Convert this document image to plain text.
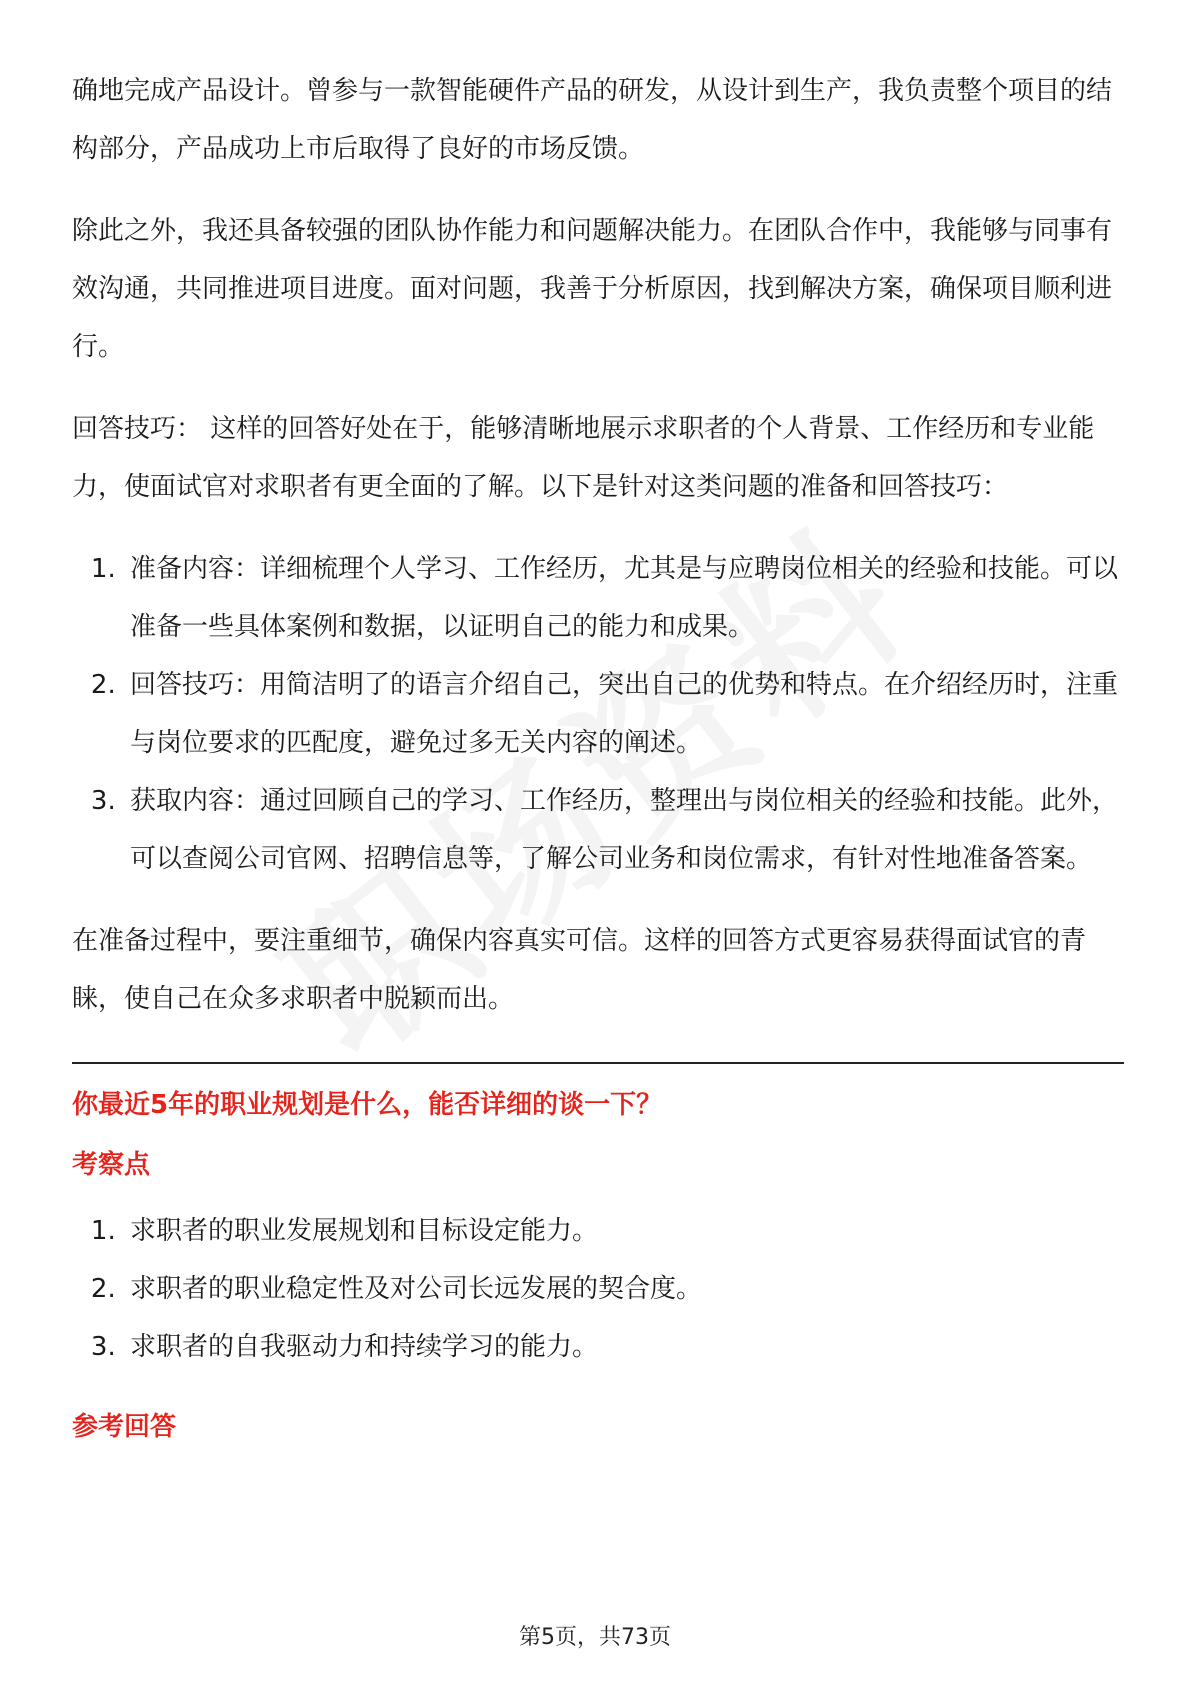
确地完成产品设计。曾参与一款智能硬件产品的研发，从设计到生产，我负责整个项目的结构部分，产品成功上市后取得了良好的市场反馈。

除此之外，我还具备较强的团队协作能力和问题解决能力。在团队合作中，我能够与同事有效沟通，共同推进项目进度。面对问题，我善于分析原因，找到解决方案，确保项目顺利进行。

回答技巧： 这样的回答好处在于，能够清晰地展示求职者的个人背景、工作经历和专业能力，使面试官对求职者有更全面的了解。以下是针对这类问题的准备和回答技巧：

1. 准备内容：详细梳理个人学习、工作经历，尤其是与应聘岗位相关的经验和技能。可以准备一些具体案例和数据，以证明自己的能力和成果。
2. 回答技巧：用简洁明了的语言介绍自己，突出自己的优势和特点。在介绍经历时，注重与岗位要求的匹配度，避免过多无关内容的阐述。
3. 获取内容：通过回顾自己的学习、工作经历，整理出与岗位相关的经验和技能。此外，可以查阅公司官网、招聘信息等，了解公司业务和岗位需求，有针对性地准备答案。

在准备过程中，要注重细节，确保内容真实可信。这样的回答方式更容易获得面试官的青睐，使自己在众多求职者中脱颖而出。

你最近5年的职业规划是什么，能否详细的谈一下？
考察点
1. 求职者的职业发展规划和目标设定能力。
2. 求职者的职业稳定性及对公司长远发展的契合度。
3. 求职者的自我驱动力和持续学习的能力。
参考回答
第5页，共73页
